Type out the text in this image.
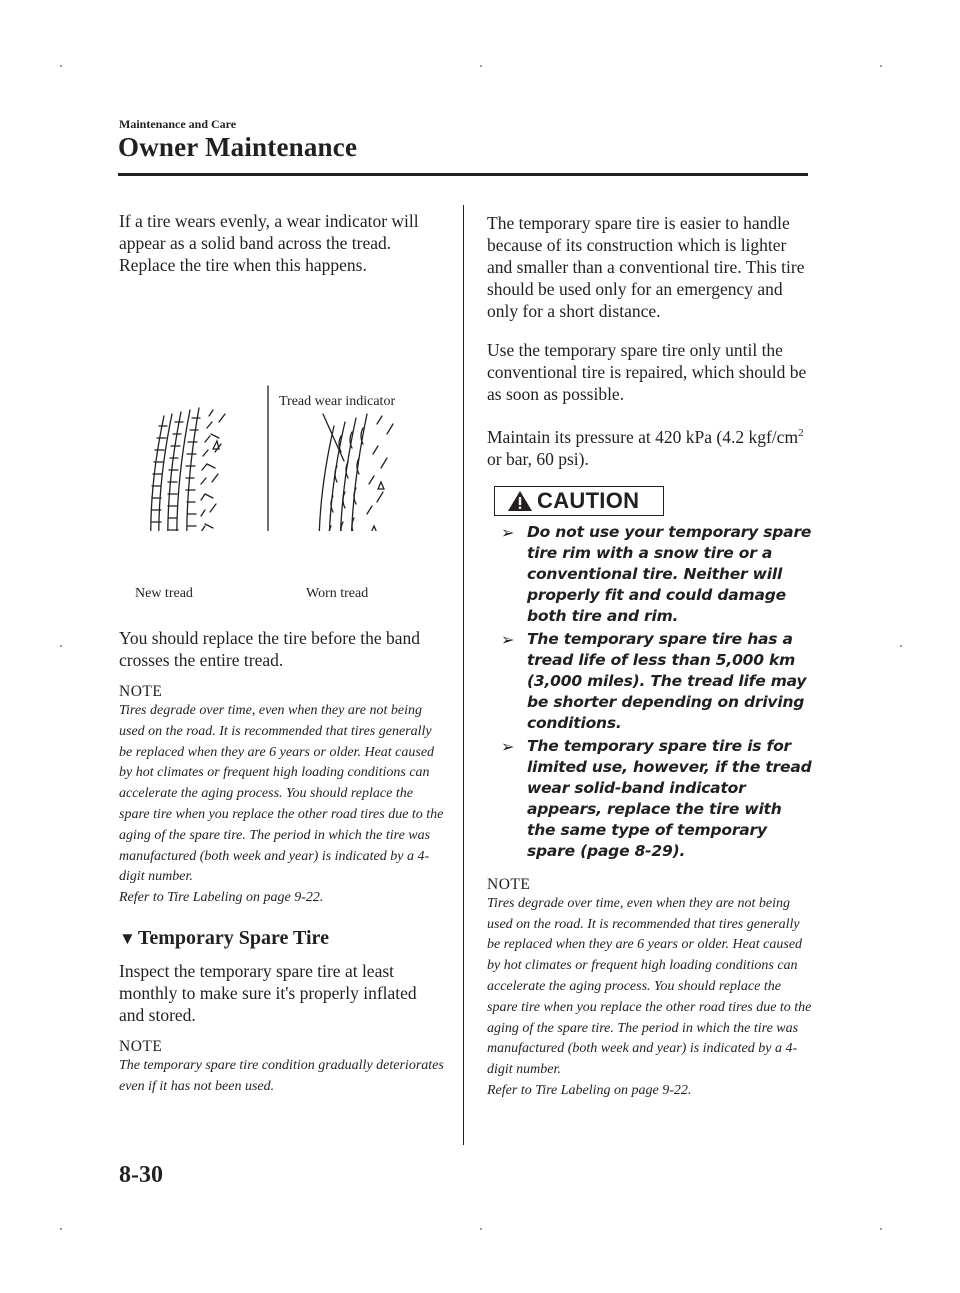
Maintenance and Care
Owner Maintenance

If a tire wears evenly, a wear indicator will appear as a solid band across the tread.

Replace the tire when this happens.

Tread wear indicator
New tread	Worn tread

You should replace the tire before the band crosses the entire tread.

NOTE

Tires degrade over time, even when they are not being used on the road. It is recommended that tires generally be replaced when they are 6 years or older. Heat caused by hot climates or frequent high loading conditions can accelerate the aging process. You should replace the spare tire when you replace the other road tires due to the aging of the spare tire. The period in which the tire was manufactured (both week and year) is indicated by a 4-digit number.

Refer to Tire Labeling on page 9-22.

▼ Temporary Spare Tire

Inspect the temporary spare tire at least monthly to make sure it's properly inflated and stored.

NOTE

The temporary spare tire condition gradually deteriorates even if it has not been used.

The temporary spare tire is easier to handle because of its construction which is lighter and smaller than a conventional tire. This tire should be used only for an emergency and only for a short distance.

Use the temporary spare tire only until the conventional tire is repaired, which should be as soon as possible.

Maintain its pressure at 420 kPa (4.2 kgf/$cm^2$ or bar, 60 psi).

CAUTION
➢ Do not use your temporary spare tire rim with a snow tire or a conventional tire. Neither will properly fit and could damage both tire and rim.
➢ The temporary spare tire has a tread life of less than 5,000 km (3,000 miles). The tread life may be shorter depending on driving conditions.
➢ The temporary spare tire is for limited use, however, if the tread wear solid-band indicator appears, replace the tire with the same type of temporary spare (page 8-29).

NOTE

Tires degrade over time, even when they are not being used on the road. It is recommended that tires generally be replaced when they are 6 years or older. Heat caused by hot climates or frequent high loading conditions can accelerate the aging process. You should replace the spare tire when you replace the other road tires due to the aging of the spare tire. The period in which the tire was manufactured (both week and year) is indicated by a 4-digit number.

Refer to Tire Labeling on page 9-22.

8-30
